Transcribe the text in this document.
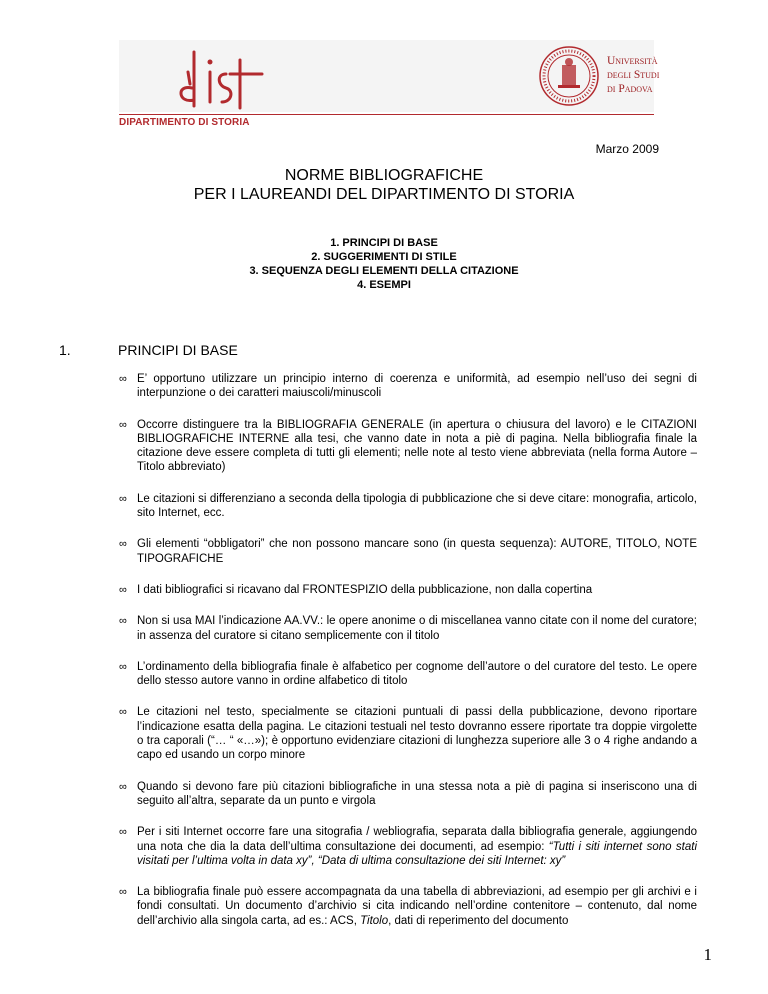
Università
degli Studi
di Padova
DIPARTIMENTO DI STORIA
Marzo 2009
NORME BIBLIOGRAFICHE
PER I LAUREANDI DEL DIPARTIMENTO DI STORIA
1. PRINCIPI DI BASE
2. SUGGERIMENTI DI STILE
3. SEQUENZA DEGLI ELEMENTI DELLA CITAZIONE
4. ESEMPI
1.	PRINCIPI DI BASE
∞ E’ opportuno utilizzare un principio interno di coerenza e uniformità, ad esempio nell’uso dei segni di interpunzione o dei caratteri maiuscoli/minuscoli
∞ Occorre distinguere tra la BIBLIOGRAFIA GENERALE (in apertura o chiusura del lavoro) e le CITAZIONI BIBLIOGRAFICHE INTERNE alla tesi, che vanno date in nota a piè di pagina. Nella bibliografia finale la citazione deve essere completa di tutti gli elementi; nelle note al testo viene abbreviata (nella forma Autore – Titolo abbreviato)
∞ Le citazioni si differenziano a seconda della tipologia di pubblicazione che si deve citare: monografia, articolo, sito Internet, ecc.
∞ Gli elementi “obbligatori” che non possono mancare sono (in questa sequenza): AUTORE, TITOLO, NOTE TIPOGRAFICHE
∞ I dati bibliografici si ricavano dal FRONTESPIZIO della pubblicazione, non dalla copertina
∞ Non si usa MAI l’indicazione AA.VV.: le opere anonime o di miscellanea vanno citate con il nome del curatore; in assenza del curatore si citano semplicemente con il titolo
∞ L’ordinamento della bibliografia finale è alfabetico per cognome dell’autore o del curatore del testo. Le opere dello stesso autore vanno in ordine alfabetico di titolo
∞ Le citazioni nel testo, specialmente se citazioni puntuali di passi della pubblicazione, devono riportare l’indicazione esatta della pagina. Le citazioni testuali nel testo dovranno essere riportate tra doppie virgolette o tra caporali (“… “ «…»); è opportuno evidenziare citazioni di lunghezza superiore alle 3 o 4 righe andando a capo ed usando un corpo minore
∞ Quando si devono fare più citazioni bibliografiche in una stessa nota a piè di pagina si inseriscono una di seguito all’altra, separate da un punto e virgola
∞ Per i siti Internet occorre fare una sitografia / webliografia, separata dalla bibliografia generale, aggiungendo una nota che dia la data dell’ultima consultazione dei documenti, ad esempio: “Tutti i siti internet sono stati visitati per l’ultima volta in data xy”, “Data di ultima consultazione dei siti Internet: xy”
∞ La bibliografia finale può essere accompagnata da una tabella di abbreviazioni, ad esempio per gli archivi e i fondi consultati. Un documento d’archivio si cita indicando nell’ordine contenitore – contenuto, dal nome dell’archivio alla singola carta, ad es.: ACS, Titolo, dati di reperimento del documento
1
